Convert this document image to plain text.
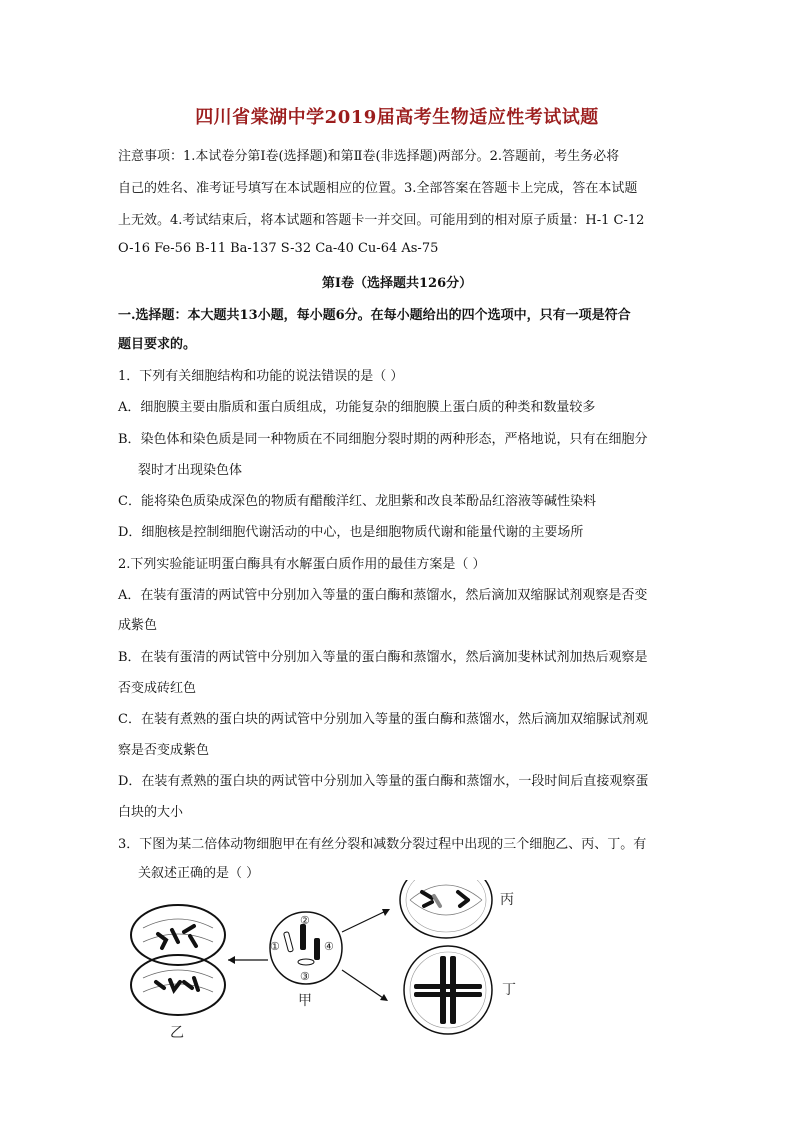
四川省棠湖中学2019届高考生物适应性考试试题
注意事项：1.本试卷分第Ⅰ卷(选择题)和第Ⅱ卷(非选择题)两部分。2.答题前，考生务必将
自己的姓名、准考证号填写在本试题相应的位置。3.全部答案在答题卡上完成，答在本试题
上无效。4.考试结束后，将本试题和答题卡一并交回。可能用到的相对原子质量：H-1 C-12
O-16 Fe-56 B-11 Ba-137 S-32 Ca-40 Cu-64 As-75
第Ⅰ卷（选择题共126分）
一.选择题：本大题共13小题，每小题6分。在每小题给出的四个选项中，只有一项是符合
题目要求的。
1．下列有关细胞结构和功能的说法错误的是（ ）
A．细胞膜主要由脂质和蛋白质组成，功能复杂的细胞膜上蛋白质的种类和数量较多
B．染色体和染色质是同一种物质在不同细胞分裂时期的两种形态，严格地说，只有在细胞分
裂时才出现染色体
C．能将染色质染成深色的物质有醋酸洋红、龙胆紫和改良苯酚品红溶液等碱性染料
D．细胞核是控制细胞代谢活动的中心，也是细胞物质代谢和能量代谢的主要场所
2.下列实验能证明蛋白酶具有水解蛋白质作用的最佳方案是（ ）
A．在装有蛋清的两试管中分别加入等量的蛋白酶和蒸馏水，然后滴加双缩脲试剂观察是否变
成紫色
B．在装有蛋清的两试管中分别加入等量的蛋白酶和蒸馏水，然后滴加斐林试剂加热后观察是
否变成砖红色
C．在装有煮熟的蛋白块的两试管中分别加入等量的蛋白酶和蒸馏水，然后滴加双缩脲试剂观
察是否变成紫色
D．在装有煮熟的蛋白块的两试管中分别加入等量的蛋白酶和蒸馏水，一段时间后直接观察蛋
白块的大小
3．下图为某二倍体动物细胞甲在有丝分裂和减数分裂过程中出现的三个细胞乙、丙、丁。有
关叙述正确的是（ ）
乙
①
②
③
④
甲
丙
丁
